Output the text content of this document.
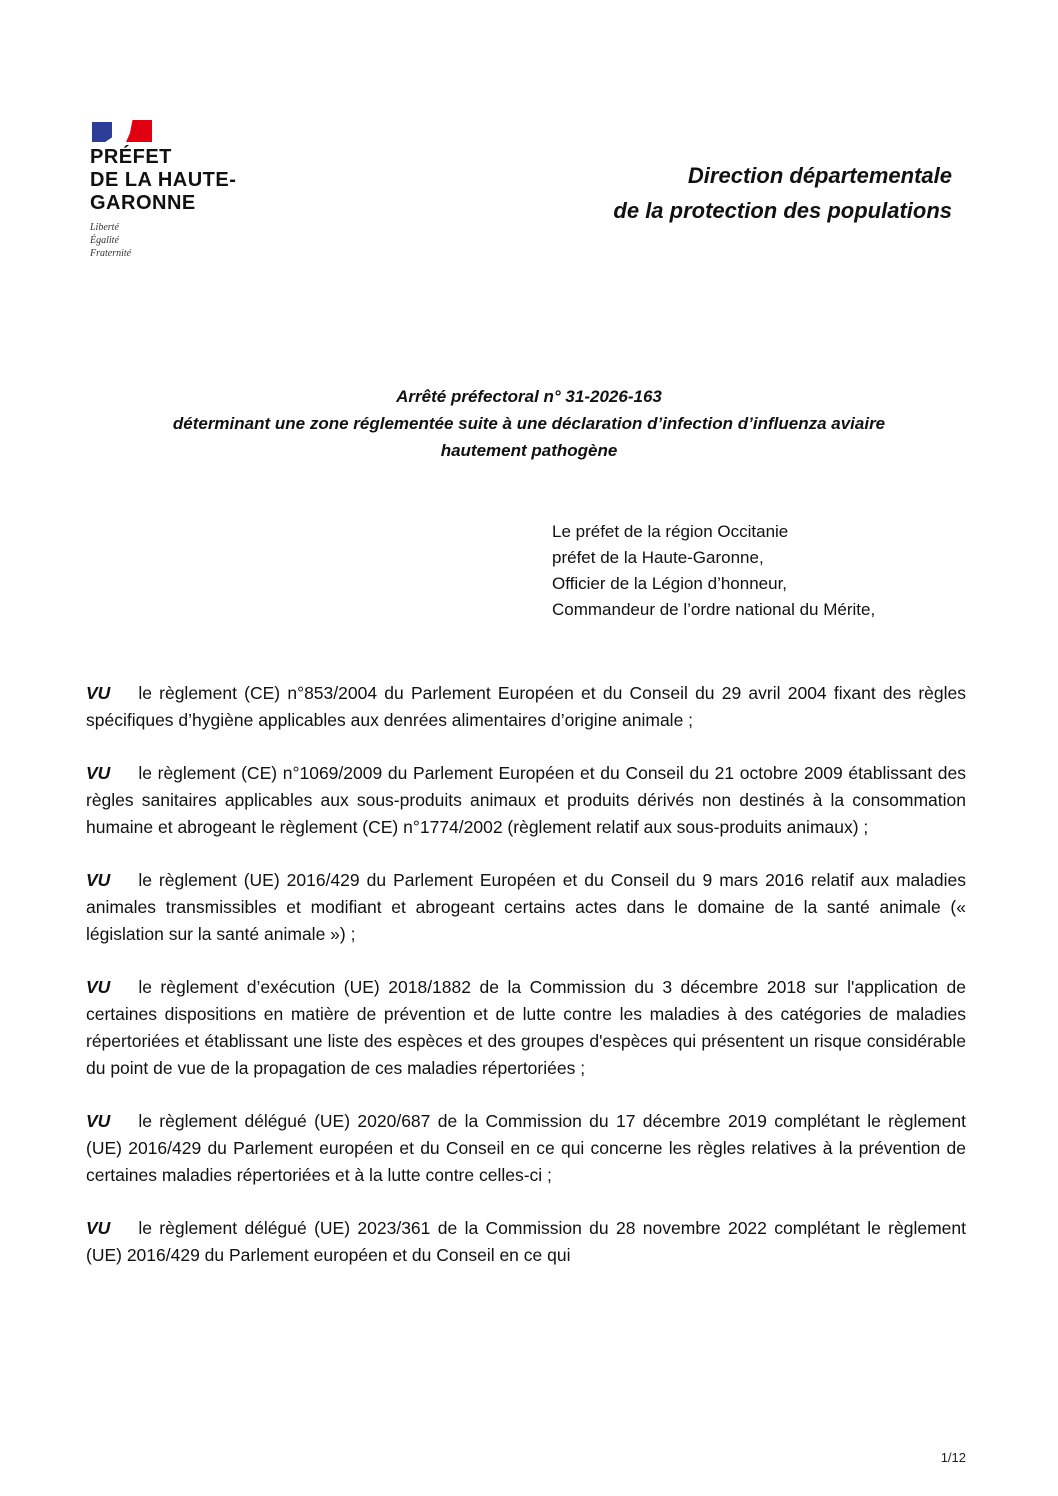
PRÉFET
DE LA HAUTE-
GARONNE
Liberté
Égalité
Fraternité
Direction départementale
de la protection des populations
Arrêté préfectoral n° 31-2026-163
déterminant une zone réglementée suite à une déclaration d’infection d’influenza aviaire
hautement pathogène
Le préfet de la région Occitanie
préfet de la Haute-Garonne,
Officier de la Légion d’honneur,
Commandeur de l’ordre national du Mérite,

VU le règlement (CE) n°853/2004 du Parlement Européen et du Conseil du 29 avril 2004 fixant des règles spécifiques d’hygiène applicables aux denrées alimentaires d’origine animale ;

VU le règlement (CE) n°1069/2009 du Parlement Européen et du Conseil du 21 octobre 2009 établissant des règles sanitaires applicables aux sous-produits animaux et produits dérivés non destinés à la consommation humaine et abrogeant le règlement (CE) n°1774/2002 (règlement relatif aux sous-produits animaux) ;

VU le règlement (UE) 2016/429 du Parlement Européen et du Conseil du 9 mars 2016 relatif aux maladies animales transmissibles et modifiant et abrogeant certains actes dans le domaine de la santé animale (« législation sur la santé animale ») ;

VU le règlement d’exécution (UE) 2018/1882 de la Commission du 3 décembre 2018 sur l'application de certaines dispositions en matière de prévention et de lutte contre les maladies à des catégories de maladies répertoriées et établissant une liste des espèces et des groupes d'espèces qui présentent un risque considérable du point de vue de la propagation de ces maladies répertoriées ;

VU le règlement délégué (UE) 2020/687 de la Commission du 17 décembre 2019 complétant le règlement (UE) 2016/429 du Parlement européen et du Conseil en ce qui concerne les règles relatives à la prévention de certaines maladies répertoriées et à la lutte contre celles-ci ;

VU le règlement délégué (UE) 2023/361 de la Commission du 28 novembre 2022 complétant le règlement (UE) 2016/429 du Parlement européen et du Conseil en ce qui

1/12
